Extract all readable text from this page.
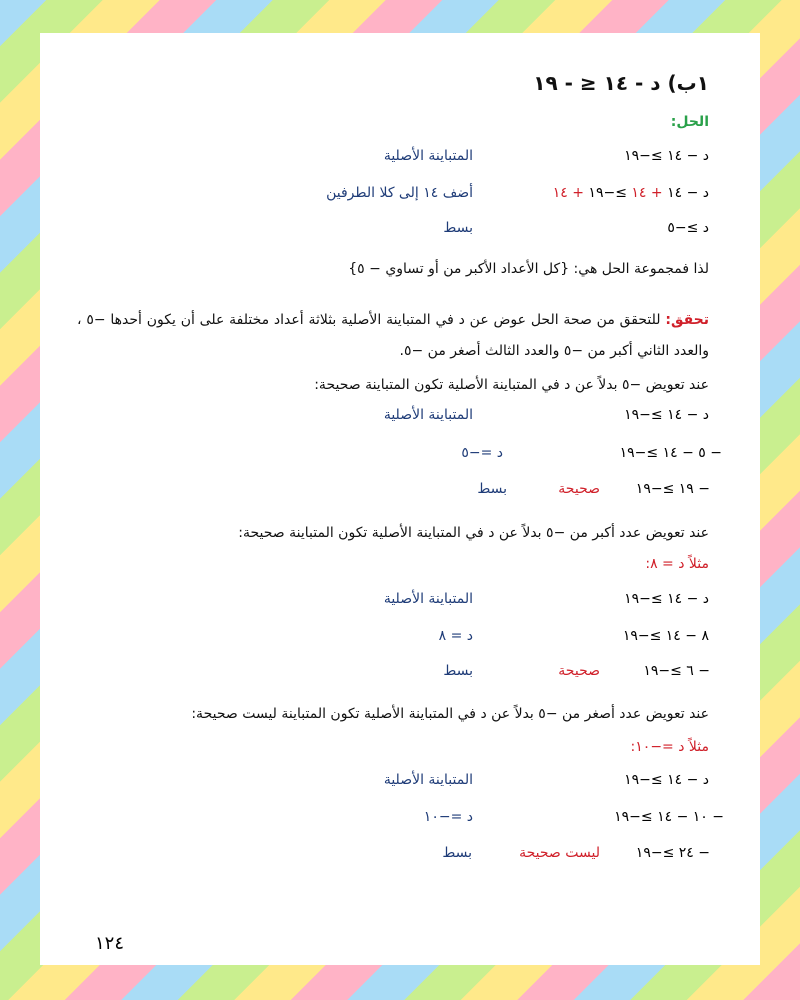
١ب) د - ١٤ ≤ - ١٩
الحل:
د − ١٤ ≥−١٩
المتباينة الأصلية
د − ١٤ + ١٤ ≥−١٩ + ١٤
أضف ١٤ إلى كلا الطرفين
د ≥−٥
بسط
لذا فمجموعة الحل هي: {كل الأعداد الأكبر من أو تساوي − ٥}
تحقق: للتحقق من صحة الحل عوض عن د في المتباينة الأصلية بثلاثة أعداد مختلفة على أن يكون أحدها −٥ ، والعدد الثاني أكبر من −٥ والعدد الثالث أصغر من −٥.
عند تعويض −٥ بدلاً عن د في المتباينة الأصلية تكون المتباينة صحيحة:
د − ١٤ ≥−١٩
المتباينة الأصلية
− ٥ − ١٤ ≥−١٩
د =−٥
− ١٩ ≥−١٩
صحيحة
بسط
عند تعويض عدد أكبر من −٥ بدلاً عن د في المتباينة الأصلية تكون المتباينة صحيحة:
مثلاً د = ٨:
د − ١٤ ≥−١٩
المتباينة الأصلية
٨ − ١٤ ≥−١٩
د = ٨
− ٦ ≥−١٩
صحيحة
بسط
عند تعويض عدد أصغر من −٥ بدلاً عن د في المتباينة الأصلية تكون المتباينة ليست صحيحة:
مثلاً د =−١٠:
د − ١٤ ≥−١٩
المتباينة الأصلية
− ١٠ − ١٤ ≥−١٩
د =−١٠
− ٢٤ ≥−١٩
ليست صحيحة
بسط
١٢٤
